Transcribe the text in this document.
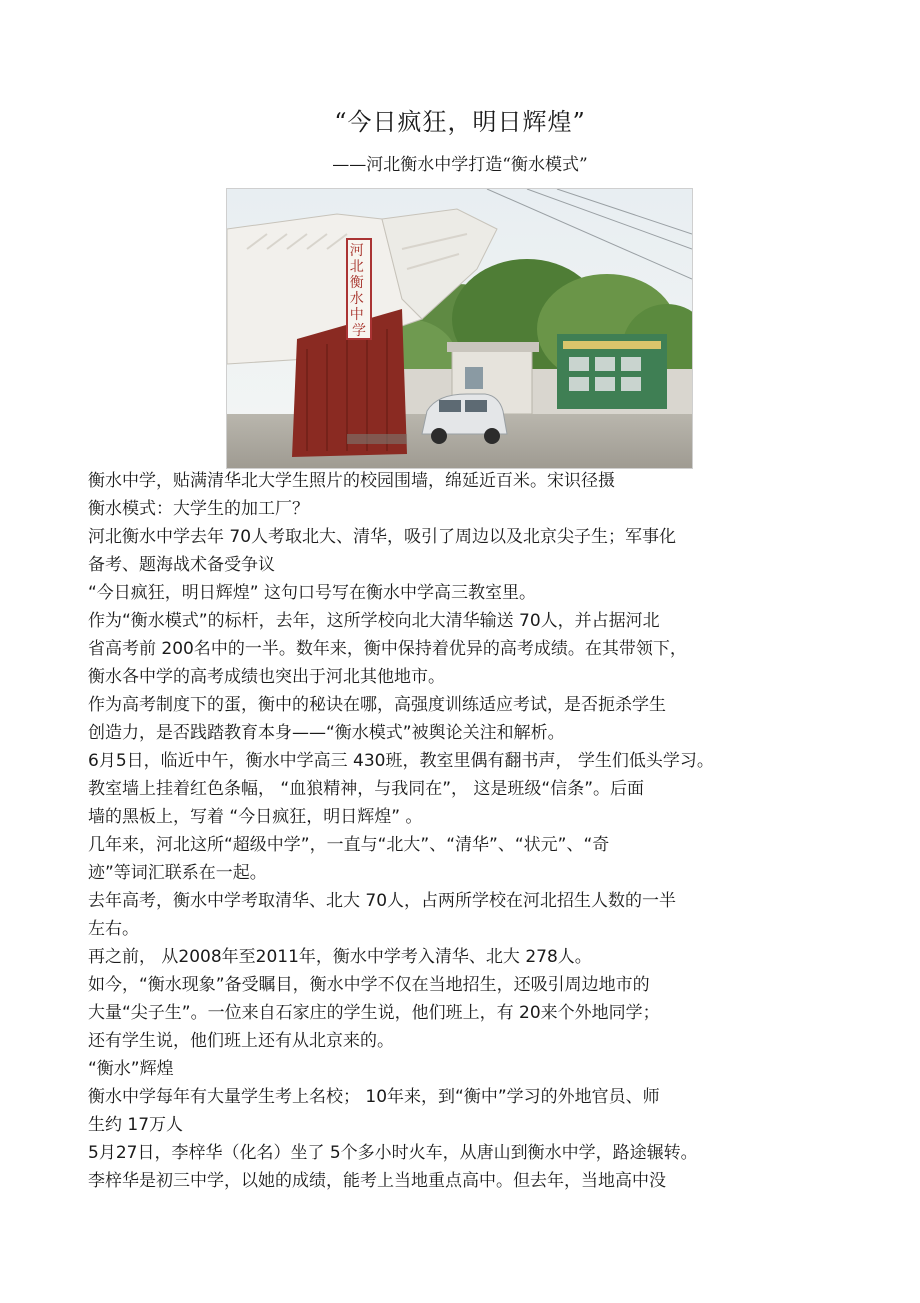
“今日疯狂，明日辉煌”
——河北衡水中学打造“衡水模式”
河 北 衡 水 中 学
衡水中学，贴满清华北大学生照片的校园围墙，绵延近百米。宋识径摄
衡水模式：大学生的加工厂？
河北衡水中学去年 70人考取北大、清华，吸引了周边以及北京尖子生；军事化
备考、题海战术备受争议
“今日疯狂，明日辉煌” 这句口号写在衡水中学高三教室里。
作为“衡水模式”的标杆，去年，这所学校向北大清华输送 70人，并占据河北
省高考前 200名中的一半。数年来，衡中保持着优异的高考成绩。在其带领下，
衡水各中学的高考成绩也突出于河北其他地市。
作为高考制度下的蛋，衡中的秘诀在哪，高强度训练适应考试，是否扼杀学生
创造力，是否践踏教育本身——“衡水模式”被舆论关注和解析。
6月5日，临近中午，衡水中学高三 430班，教室里偶有翻书声， 学生们低头学习。
教室墙上挂着红色条幅， “血狼精神，与我同在”， 这是班级“信条”。后面
墙的黑板上，写着 “今日疯狂，明日辉煌” 。
几年来，河北这所“超级中学”，一直与“北大”、“清华”、“状元”、“奇
迹”等词汇联系在一起。
去年高考，衡水中学考取清华、北大 70人，占两所学校在河北招生人数的一半
左右。
再之前， 从2008年至2011年，衡水中学考入清华、北大 278人。
如今，“衡水现象”备受瞩目，衡水中学不仅在当地招生，还吸引周边地市的
大量“尖子生”。一位来自石家庄的学生说，他们班上，有 20来个外地同学；
还有学生说，他们班上还有从北京来的。
“衡水”辉煌
衡水中学每年有大量学生考上名校； 10年来，到“衡中”学习的外地官员、师
生约 17万人
5月27日，李梓华（化名）坐了 5个多小时火车，从唐山到衡水中学，路途辗转。
李梓华是初三中学，以她的成绩，能考上当地重点高中。但去年，当地高中没
